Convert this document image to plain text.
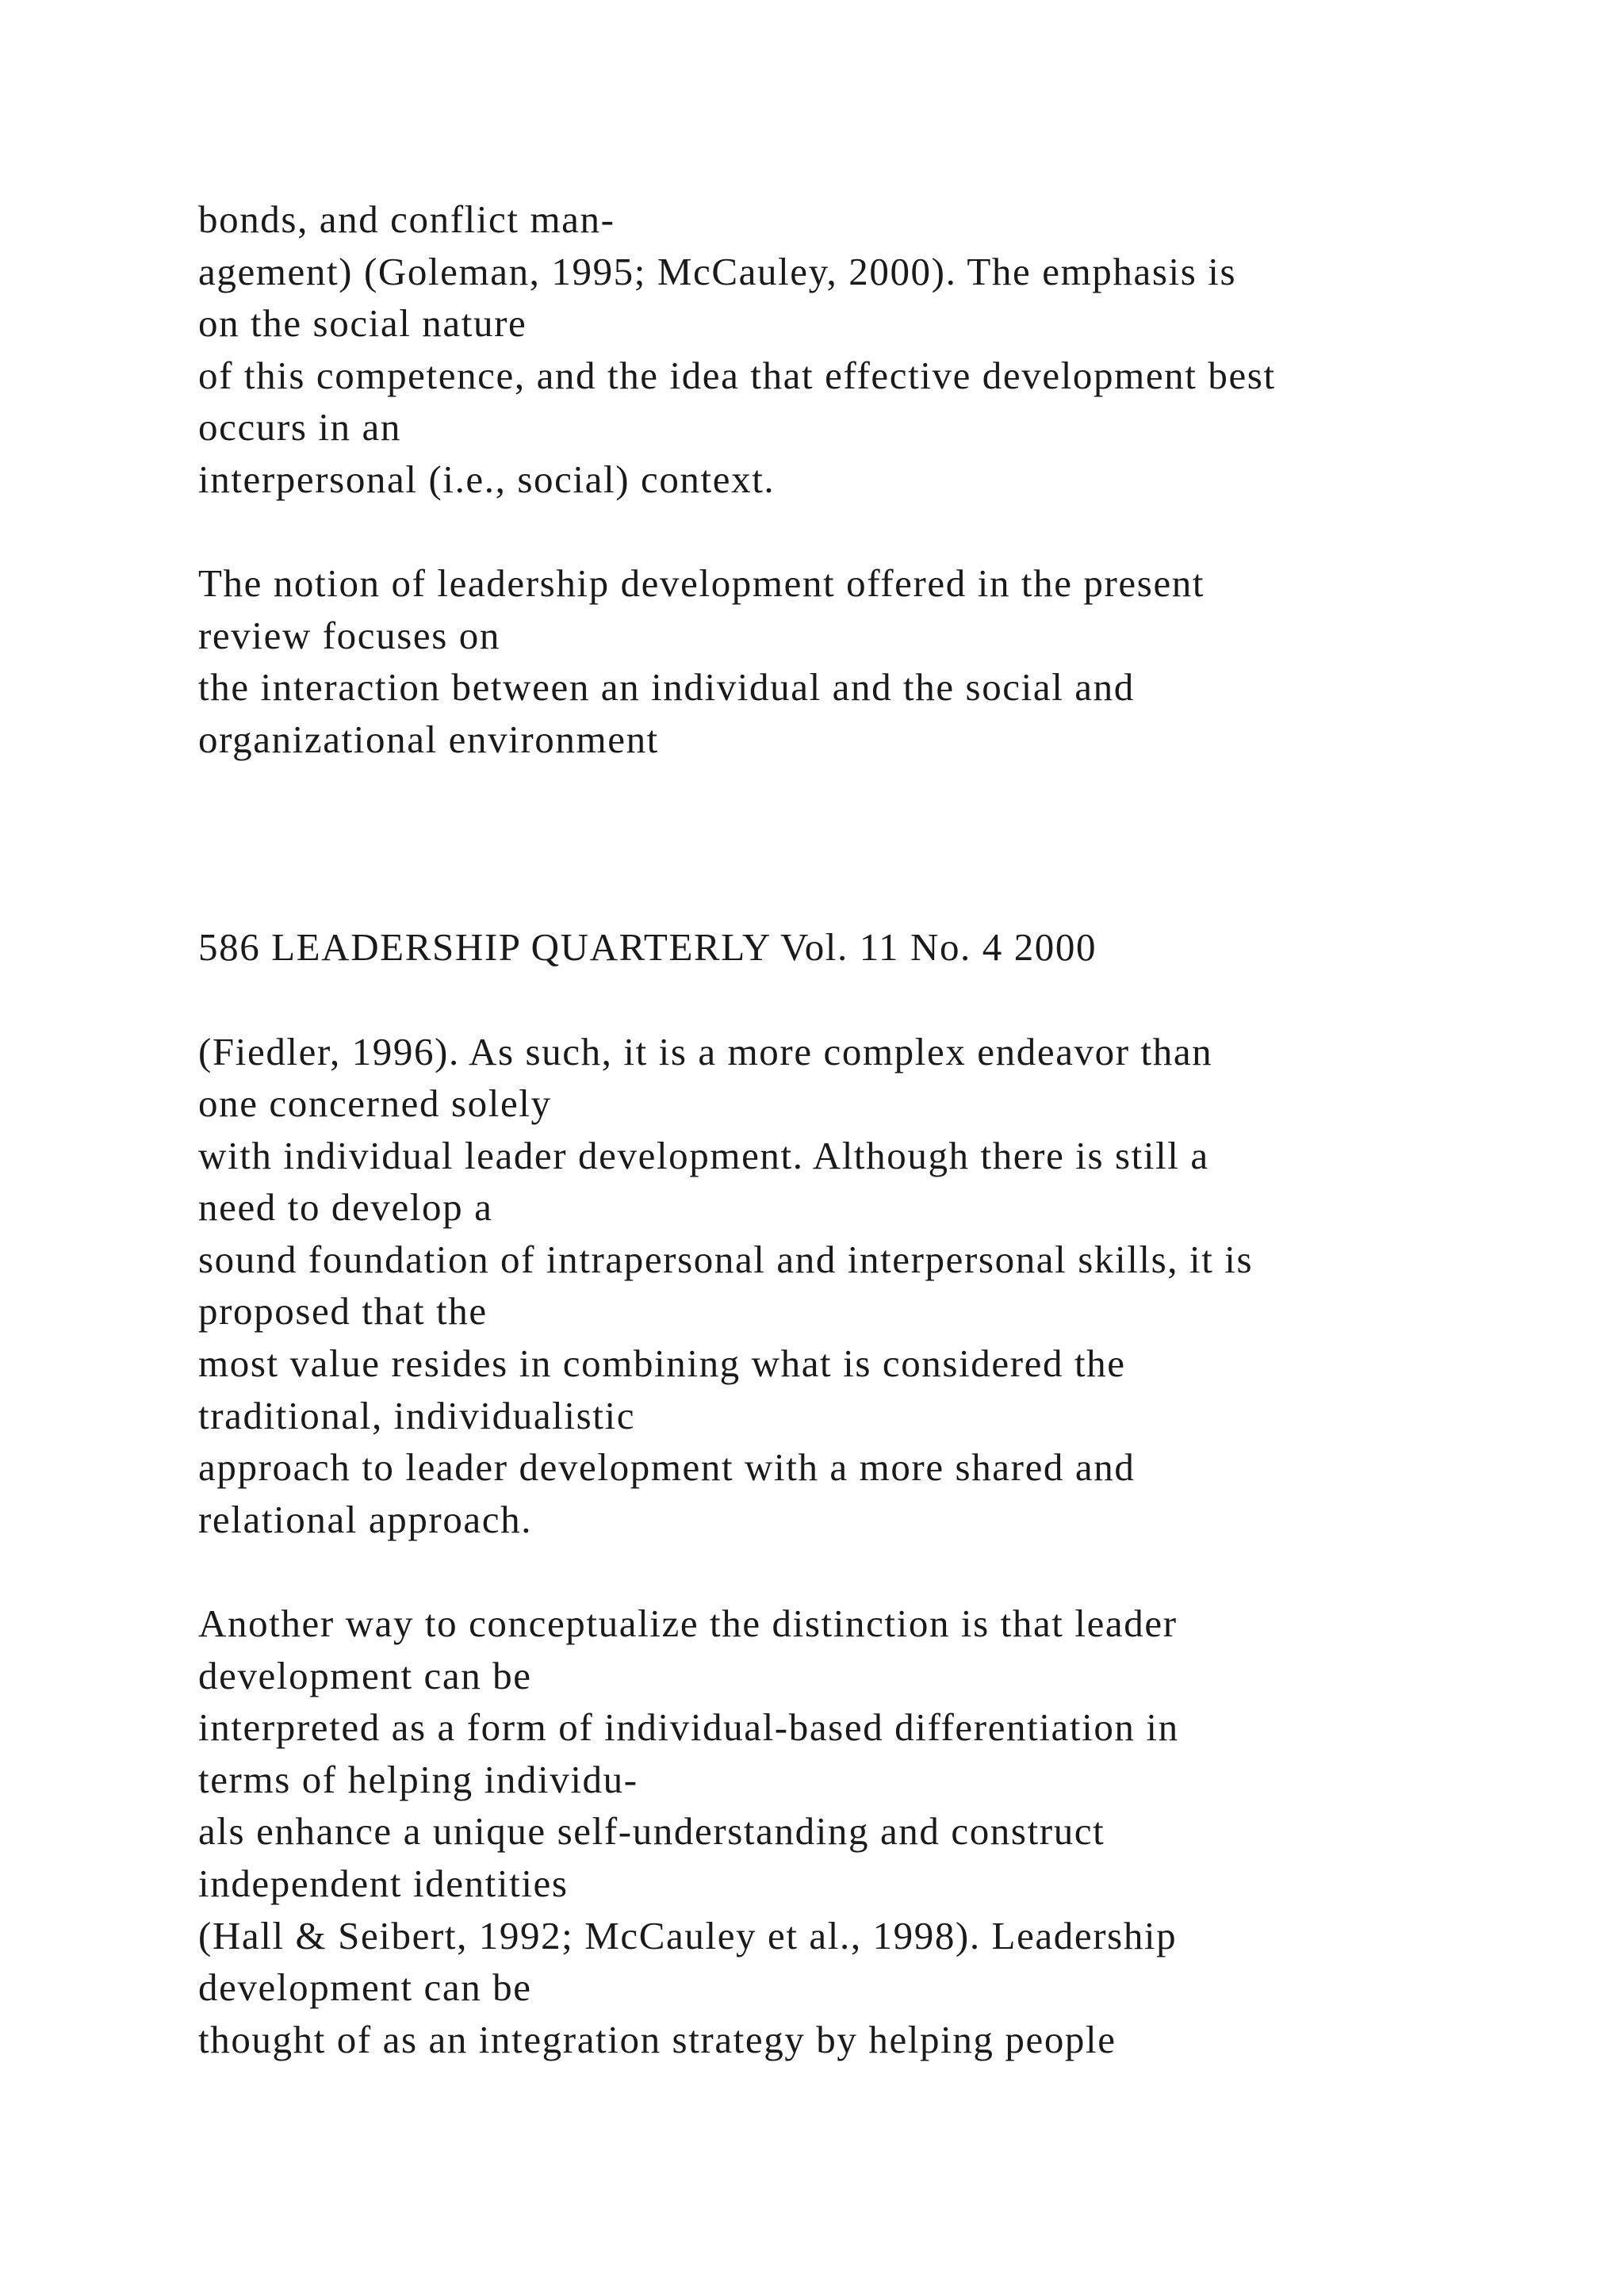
bonds, and conflict man-
agement) (Goleman, 1995; McCauley, 2000). The emphasis is
on the social nature
of this competence, and the idea that effective development best
occurs in an
interpersonal (i.e., social) context.
The notion of leadership development offered in the present
review focuses on
the interaction between an individual and the social and
organizational environment
586 LEADERSHIP QUARTERLY Vol. 11 No. 4 2000
(Fiedler, 1996). As such, it is a more complex endeavor than
one concerned solely
with individual leader development. Although there is still a
need to develop a
sound foundation of intrapersonal and interpersonal skills, it is
proposed that the
most value resides in combining what is considered the
traditional, individualistic
approach to leader development with a more shared and
relational approach.
Another way to conceptualize the distinction is that leader
development can be
interpreted as a form of individual-based differentiation in
terms of helping individu-
als enhance a unique self-understanding and construct
independent identities
(Hall & Seibert, 1992; McCauley et al., 1998). Leadership
development can be
thought of as an integration strategy by helping people
